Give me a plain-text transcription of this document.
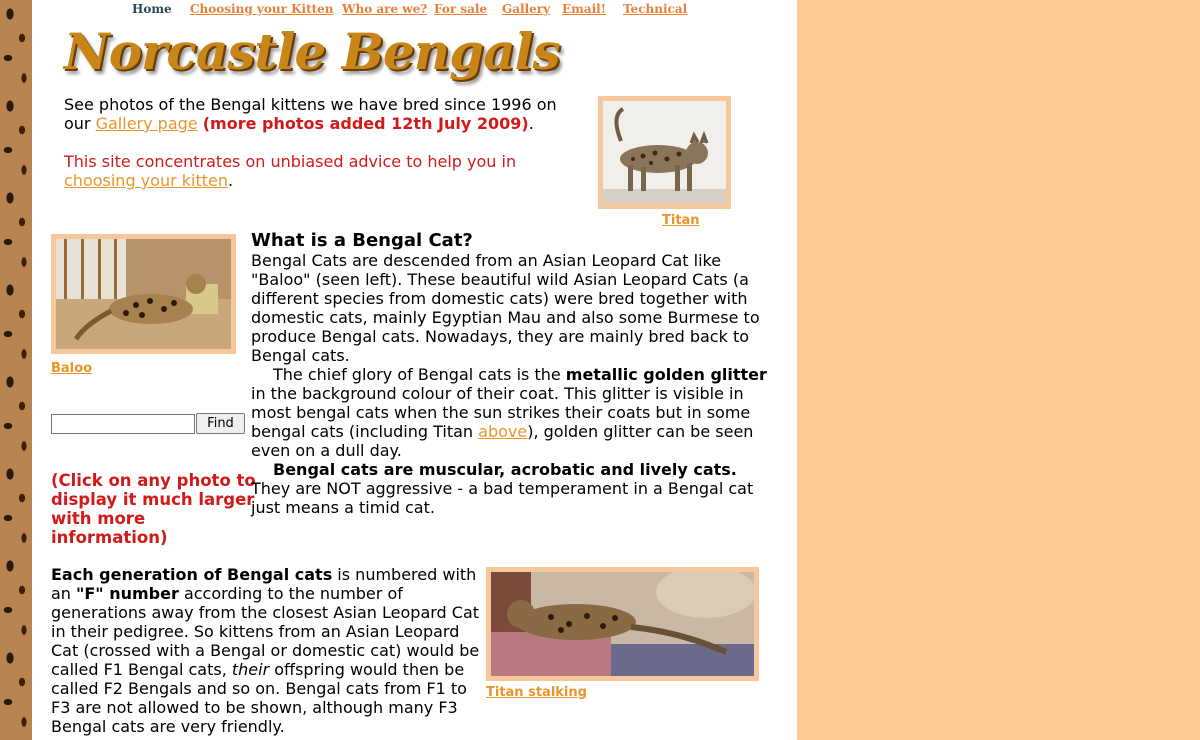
Home Choosing your Kitten Who are we? For sale Gallery Email! Technical
Norcastle Bengals
See photos of the Bengal kittens we have bred since 1996 on our Gallery page (more photos added 12th July 2009).
This site concentrates on unbiased advice to help you in choosing your kitten.
Titan
Baloo
Find
(Click on any photo to display it much larger with more information)
What is a Bengal Cat?
Bengal Cats are descended from an Asian Leopard Cat like "Baloo" (seen left). These beautiful wild Asian Leopard Cats (a different species from domestic cats) were bred together with domestic cats, mainly Egyptian Mau and also some Burmese to produce Bengal cats. Nowadays, they are mainly bred back to Bengal cats.
The chief glory of Bengal cats is the metallic golden glitter in the background colour of their coat. This glitter is visible in most bengal cats when the sun strikes their coats but in some bengal cats (including Titan above), golden glitter can be seen even on a dull day.
Bengal cats are muscular, acrobatic and lively cats. They are NOT aggressive - a bad temperament in a Bengal cat just means a timid cat.
Titan stalking
Each generation of Bengal cats is numbered with an "F" number according to the number of generations away from the closest Asian Leopard Cat in their pedigree. So kittens from an Asian Leopard Cat (crossed with a Bengal or domestic cat) would be called F1 Bengal cats, their offspring would then be called F2 Bengals and so on. Bengal cats from F1 to F3 are not allowed to be shown, although many F3 Bengal cats are very friendly.
